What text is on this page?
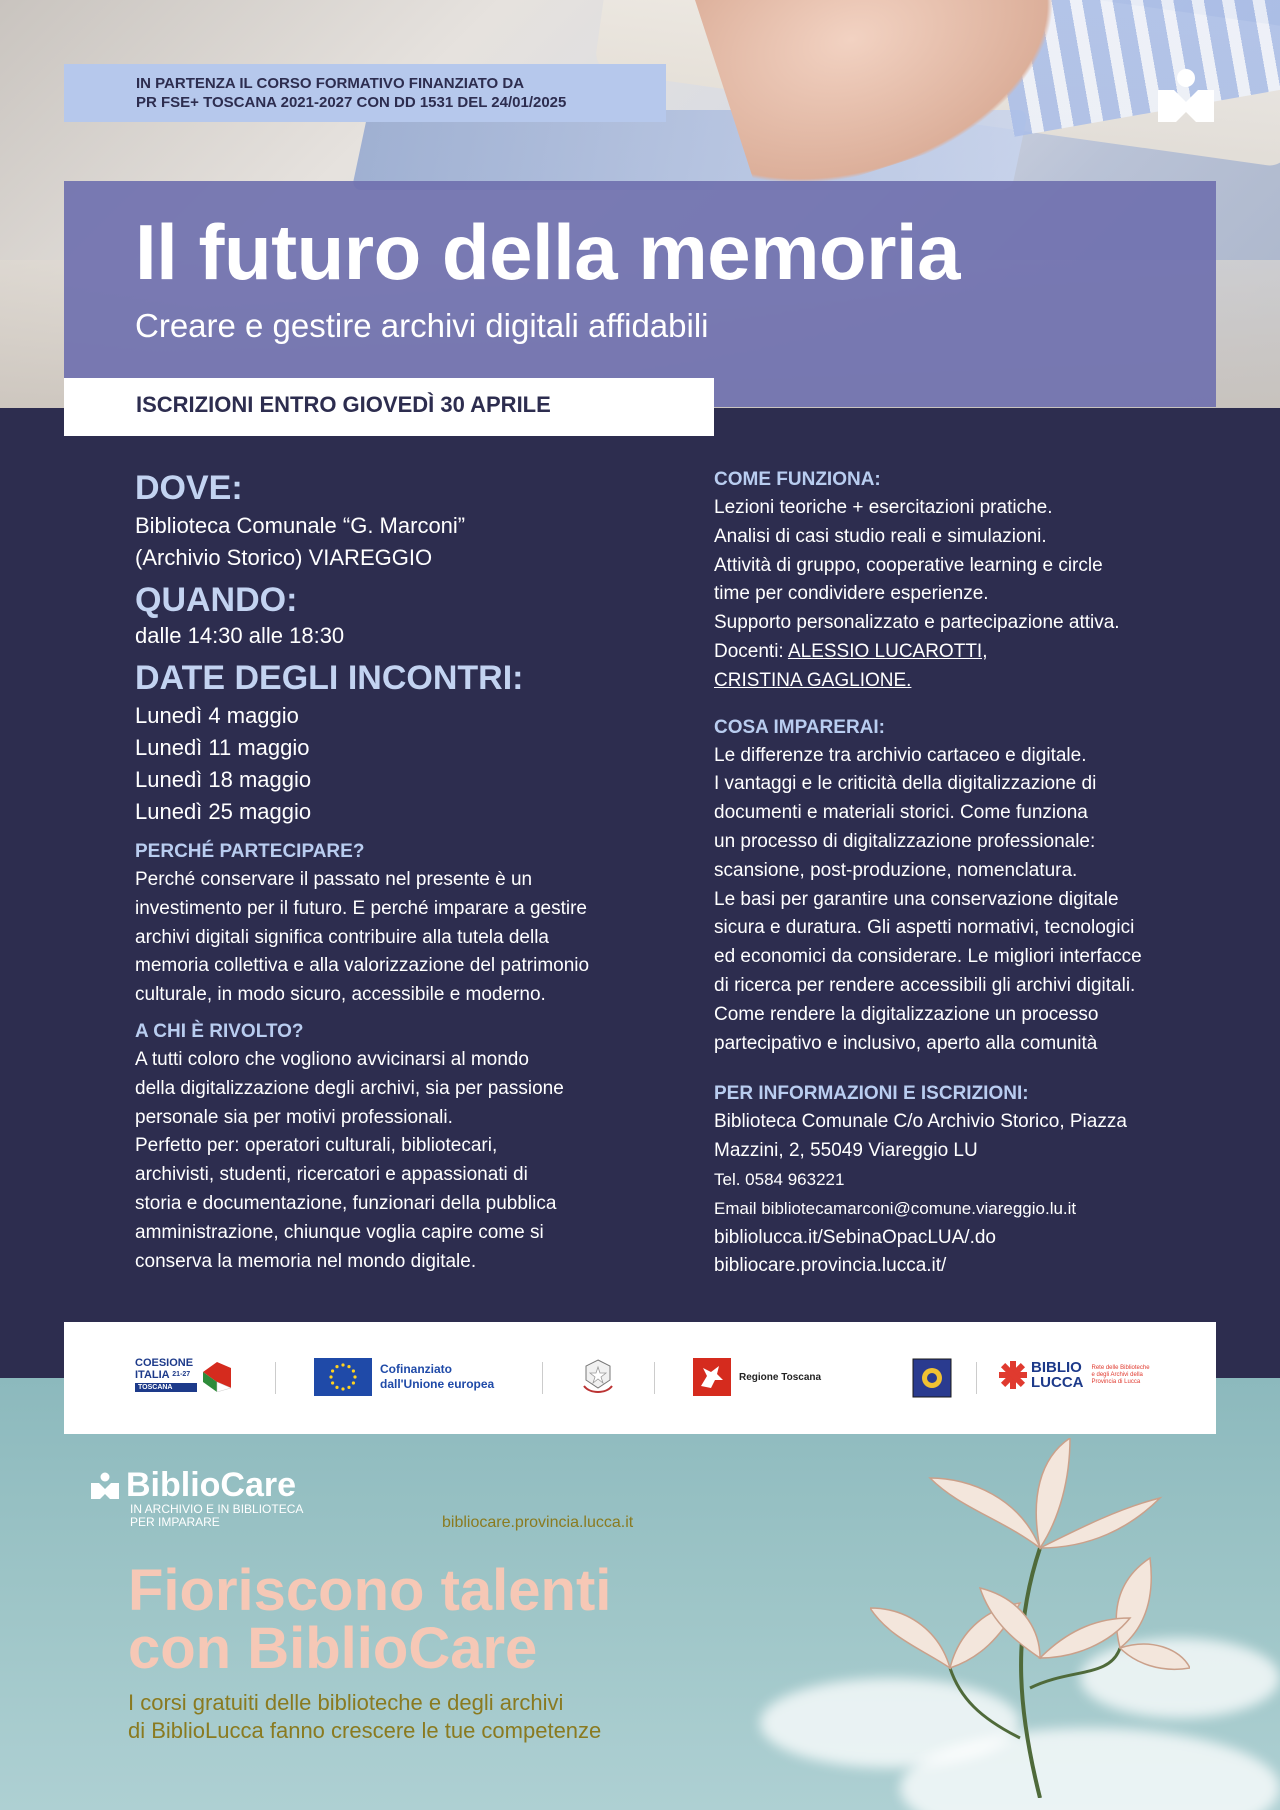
IN PARTENZA IL CORSO FORMATIVO FINANZIATO DA
PR FSE+ TOSCANA 2021-2027 CON DD 1531 DEL 24/01/2025
Il futuro della memoria
Creare e gestire archivi digitali affidabili
ISCRIZIONI ENTRO GIOVEDÌ 30 APRILE
DOVE:
Biblioteca Comunale “G. Marconi”
(Archivio Storico) VIAREGGIO
QUANDO:
dalle 14:30 alle 18:30
DATE DEGLI INCONTRI:
Lunedì 4 maggio
Lunedì 11 maggio
Lunedì 18 maggio
Lunedì 25 maggio
PERCHÉ PARTECIPARE?
Perché conservare il passato nel presente è un
investimento per il futuro. E perché imparare a gestire
archivi digitali significa contribuire alla tutela della
memoria collettiva e alla valorizzazione del patrimonio
culturale, in modo sicuro, accessibile e moderno.
A CHI È RIVOLTO?
A tutti coloro che vogliono avvicinarsi al mondo
della digitalizzazione degli archivi, sia per passione
personale sia per motivi professionali.
Perfetto per: operatori culturali, bibliotecari,
archivisti, studenti, ricercatori e appassionati di
storia e documentazione, funzionari della pubblica
amministrazione, chiunque voglia capire come si
conserva la memoria nel mondo digitale.
COME FUNZIONA:
Lezioni teoriche + esercitazioni pratiche.
Analisi di casi studio reali e simulazioni.
Attività di gruppo, cooperative learning e circle
time per condividere esperienze.
Supporto personalizzato e partecipazione attiva.
Docenti: ALESSIO LUCAROTTI,
CRISTINA GAGLIONE.
COSA IMPARERAI:
Le differenze tra archivio cartaceo e digitale.
I vantaggi e le criticità della digitalizzazione di
documenti e materiali storici. Come funziona
un processo di digitalizzazione professionale:
scansione, post-produzione, nomenclatura.
Le basi per garantire una conservazione digitale
sicura e duratura. Gli aspetti normativi, tecnologici
ed economici da considerare. Le migliori interfacce
di ricerca per rendere accessibili gli archivi digitali.
Come rendere la digitalizzazione un processo
partecipativo e inclusivo, aperto alla comunità
PER INFORMAZIONI E ISCRIZIONI:
Biblioteca Comunale C/o Archivio Storico, Piazza
Mazzini, 2, 55049 Viareggio LU
Tel. 0584 963221
Email bibliotecamarconi@comune.viareggio.lu.it
bibliolucca.it/SebinaOpacLUA/.do
bibliocare.provincia.lucca.it/
BiblioCare
IN ARCHIVIO E IN BIBLIOTECA
PER IMPARARE	bibliocare.provincia.lucca.it
Fioriscono talenti
con BiblioCare
I corsi gratuiti delle biblioteche e degli archivi
di BiblioLucca fanno crescere le tue competenze
COESIONE
ITALIA $^{21-27}$
TOSCANA
Cofinanziato
dall'Unione europea	Regione Toscana
BIBLIO
LUCCA
Rete delle Biblioteche e degli Archivi della Provincia di Lucca
